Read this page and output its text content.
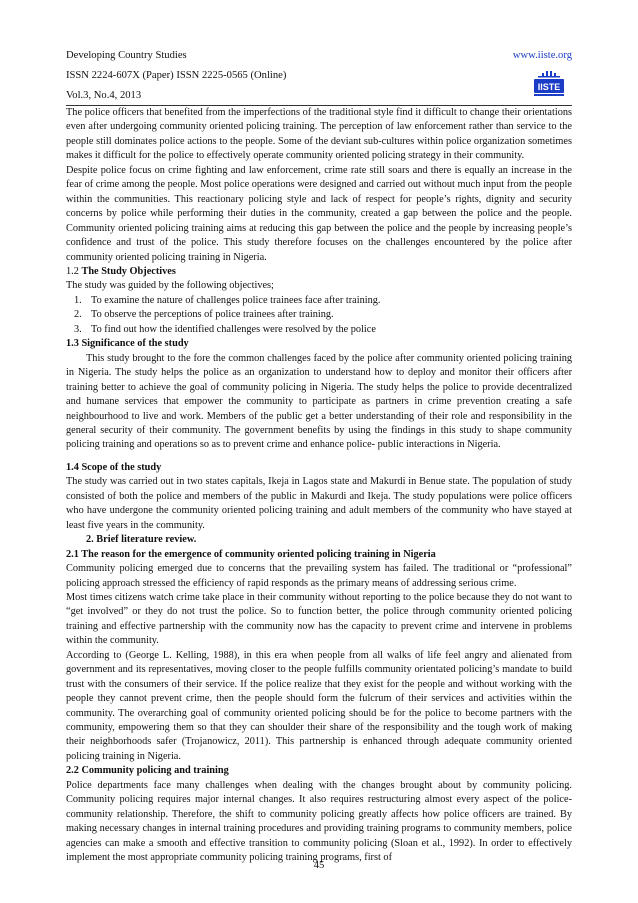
Developing Country Studies	www.iiste.org
ISSN 2224-607X (Paper) ISSN 2225-0565 (Online)
Vol.3, No.4, 2013
IISTE

The police officers that benefited from the imperfections of the traditional style find it difficult to change their orientations even after undergoing community oriented policing training. The perception of law enforcement rather than service to the people still dominates police actions to the people. Some of the deviant sub-cultures within police organization sometimes makes it difficult for the police to effectively operate community oriented policing strategy in their community.

Despite police focus on crime fighting and law enforcement, crime rate still soars and there is equally an increase in the fear of crime among the people. Most police operations were designed and carried out without much input from the people within the communities. This reactionary policing style and lack of respect for people’s rights, dignity and security concerns by police while performing their duties in the community, created a gap between the police and the people. Community oriented policing training aims at reducing this gap between the police and the people by increasing people’s confidence and trust of the police. This study therefore focuses on the challenges encountered by the police after community oriented policing training in Nigeria.

1.2 The Study Objectives

The study was guided by the following objectives;

1. To examine the nature of challenges police trainees face after training.
2. To observe the perceptions of police trainees after training.
3. To find out how the identified challenges were resolved by the police

1.3 Significance of the study

This study brought to the fore the common challenges faced by the police after community oriented policing training in Nigeria. The study helps the police as an organization to understand how to deploy and monitor their officers after training better to achieve the goal of community policing in Nigeria. The study helps the police to provide decentralized and humane services that empower the community to participate as partners in crime prevention creating a safe neighbourhood to live and work. Members of the public get a better understanding of their role and responsibility in the general security of their community. The government benefits by using the findings in this study to shape community policing training and operations so as to prevent crime and enhance police- public interactions in Nigeria.

1.4 Scope of the study

The study was carried out in two states capitals, Ikeja in Lagos state and Makurdi in Benue state. The population of study consisted of both the police and members of the public in Makurdi and Ikeja. The study populations were police officers who have undergone the community oriented policing training and adult members of the community who have stayed at least five years in the community.

2. Brief literature review.

2.1 The reason for the emergence of community oriented policing training in Nigeria

Community policing emerged due to concerns that the prevailing system has failed. The traditional or “professional” policing approach stressed the efficiency of rapid responds as the primary means of addressing serious crime.

Most times citizens watch crime take place in their community without reporting to the police because they do not want to “get involved” or they do not trust the police. So to function better, the police through community oriented policing training and effective partnership with the community now has the capacity to prevent crime and intervene in problems within the community.

According to (George L. Kelling, 1988), in this era when people from all walks of life feel angry and alienated from government and its representatives, moving closer to the people fulfills community orientated policing’s mandate to build trust with the consumers of their service. If the police realize that they exist for the people and without working with the people they cannot prevent crime, then the people should form the fulcrum of their services and activities within the community. The overarching goal of community oriented policing should be for the police to become partners with the community, empowering them so that they can shoulder their share of the responsibility and the tough work of making their neighborhoods safer (Trojanowicz, 2011). This partnership is enhanced through adequate community oriented policing training in Nigeria.

2.2 Community policing and training

Police departments face many challenges when dealing with the changes brought about by community policing. Community policing requires major internal changes. It also requires restructuring almost every aspect of the police-community relationship. Therefore, the shift to community policing greatly affects how police officers are trained. By making necessary changes in internal training procedures and providing training programs to community members, police agencies can make a smooth and effective transition to community policing (Sloan et al., 1992). In order to effectively implement the most appropriate community policing training programs, first of

45
